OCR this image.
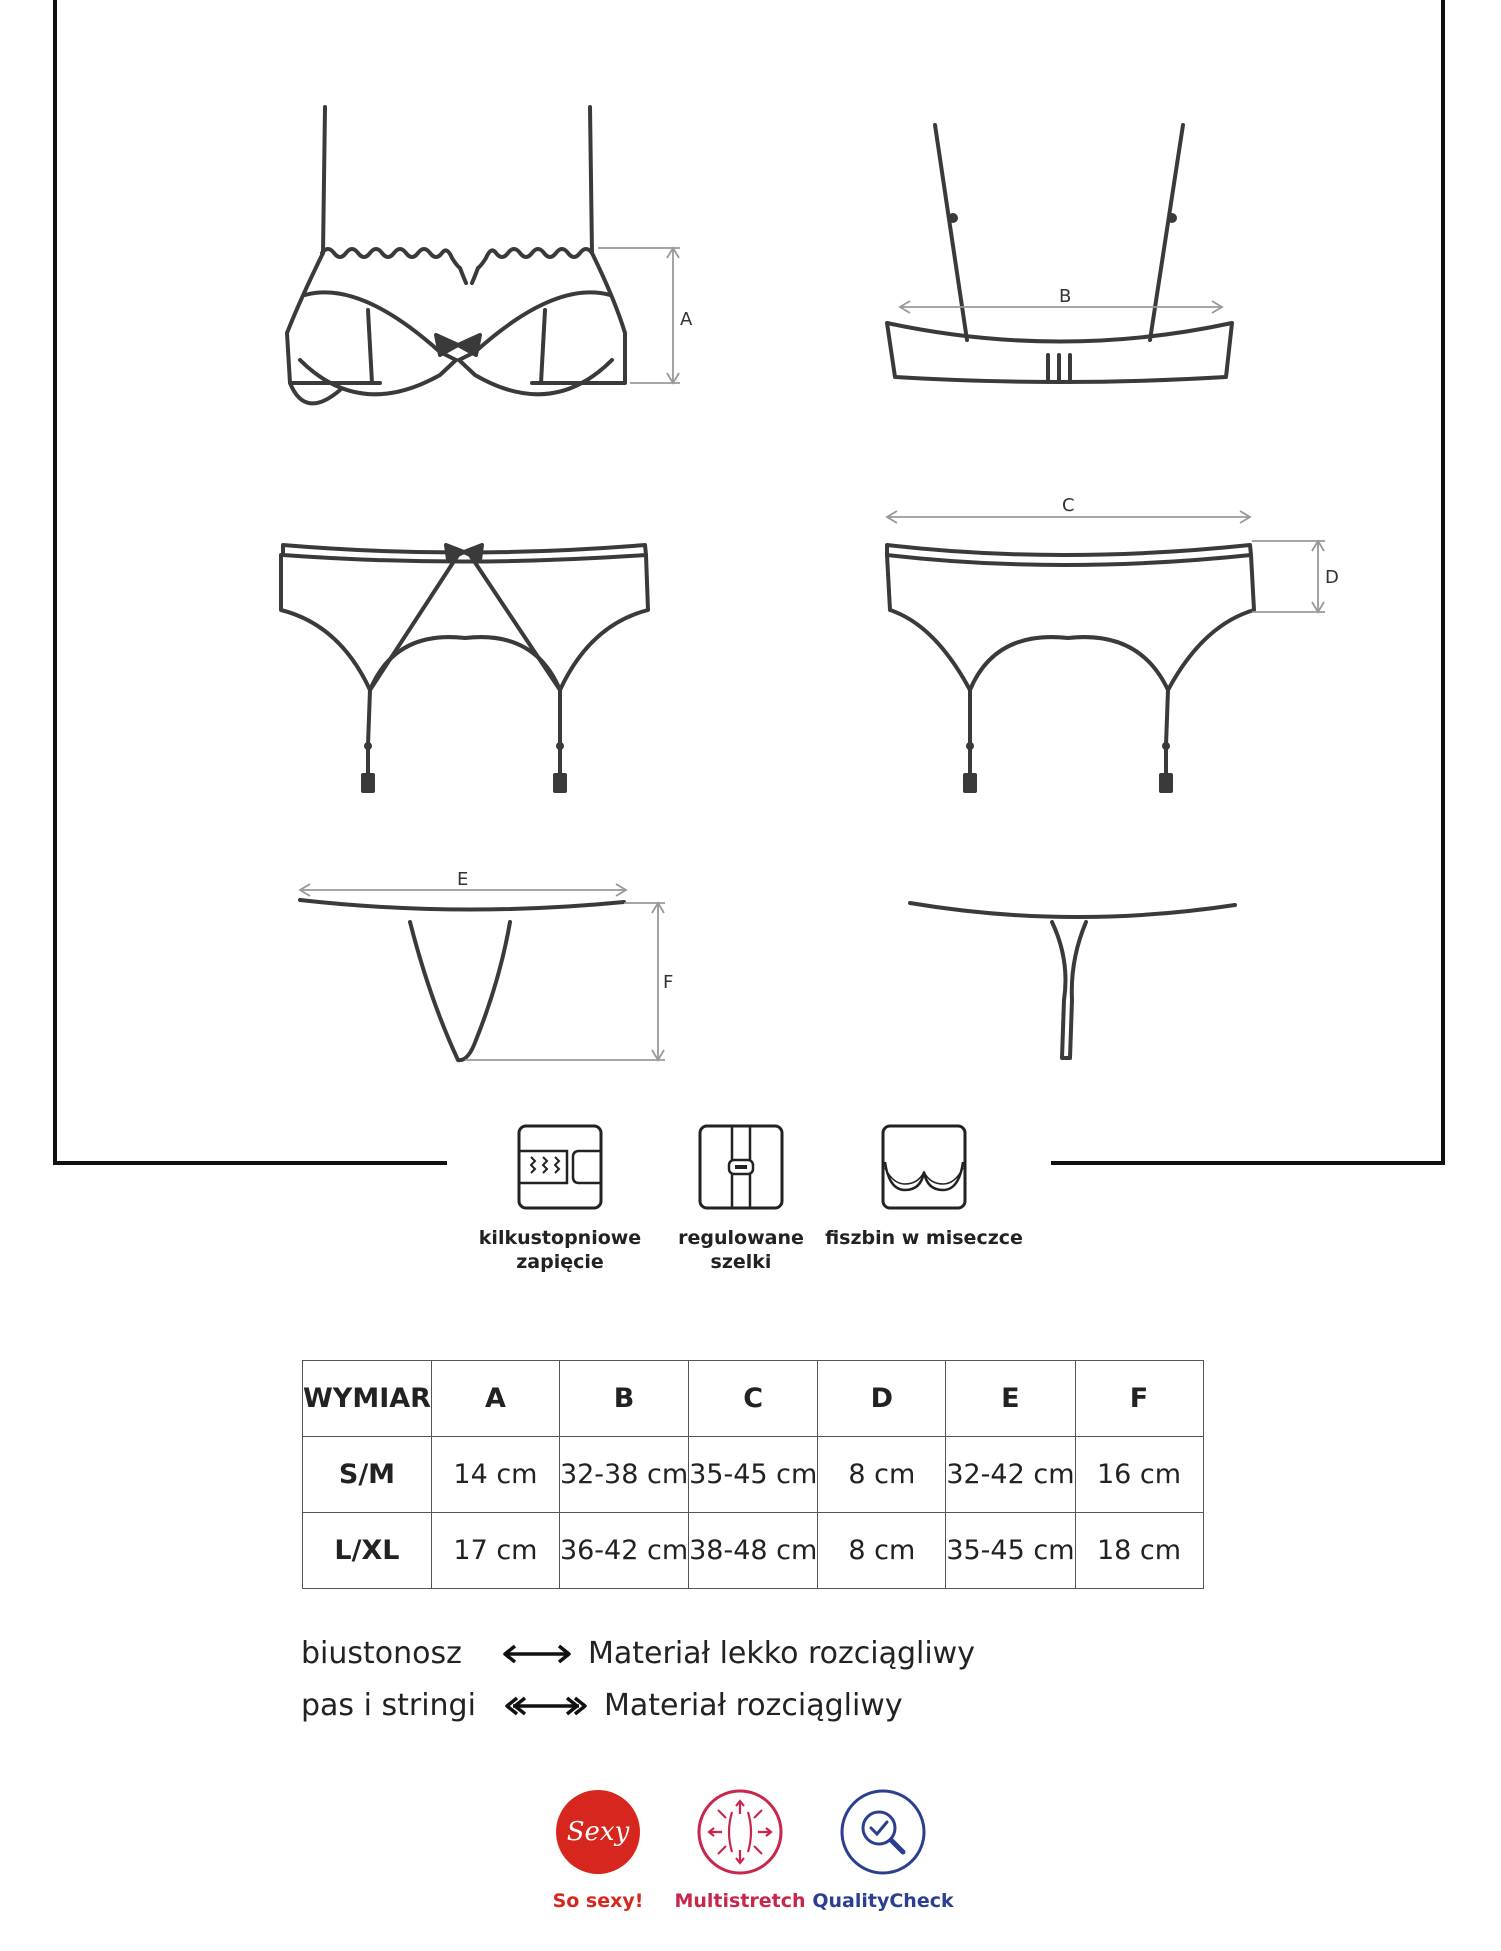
A
B
C
D
E
F
kilkustopniowe
zapięcie
regulowane
szelki
fiszbin w miseczce
WYMIAR	A	B	C	D	E	F
S/M	14 cm	32-38 cm	35-45 cm	8 cm	32-42 cm	16 cm
L/XL	17 cm	36-42 cm	38-48 cm	8 cm	35-45 cm	18 cm
biustonosz	Materiał lekko rozciągliwy
pas i stringi	Materiał rozciągliwy
Sexy
So sexy!	Multistretch QualityCheck
